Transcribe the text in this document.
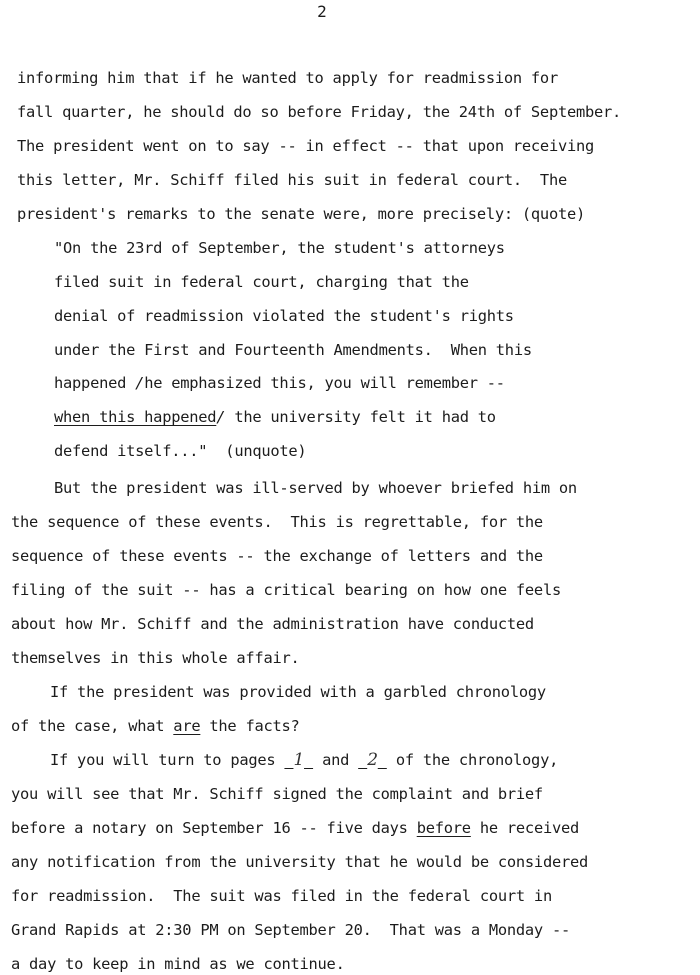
2
informing him that if he wanted to apply for readmission for
fall quarter, he should do so before Friday, the 24th of September.
The president went on to say -- in effect -- that upon receiving
this letter, Mr. Schiff filed his suit in federal court.  The
president's remarks to the senate were, more precisely: (quote)
"On the 23rd of September, the student's attorneys
filed suit in federal court, charging that the
denial of readmission violated the student's rights
under the First and Fourteenth Amendments.  When this
happened /he emphasized this, you will remember --
when this happened/ the university felt it had to
defend itself..."  (unquote)
But the president was ill-served by whoever briefed him on
the sequence of these events.  This is regrettable, for the
sequence of these events -- the exchange of letters and the
filing of the suit -- has a critical bearing on how one feels
about how Mr. Schiff and the administration have conducted
themselves in this whole affair.
If the president was provided with a garbled chronology
of the case, what are the facts?
If you will turn to pages  1  and  2  of the chronology,
you will see that Mr. Schiff signed the complaint and brief
before a notary on September 16 -- five days before he received
any notification from the university that he would be considered
for readmission.  The suit was filed in the federal court in
Grand Rapids at 2:30 PM on September 20.  That was a Monday --
a day to keep in mind as we continue.
